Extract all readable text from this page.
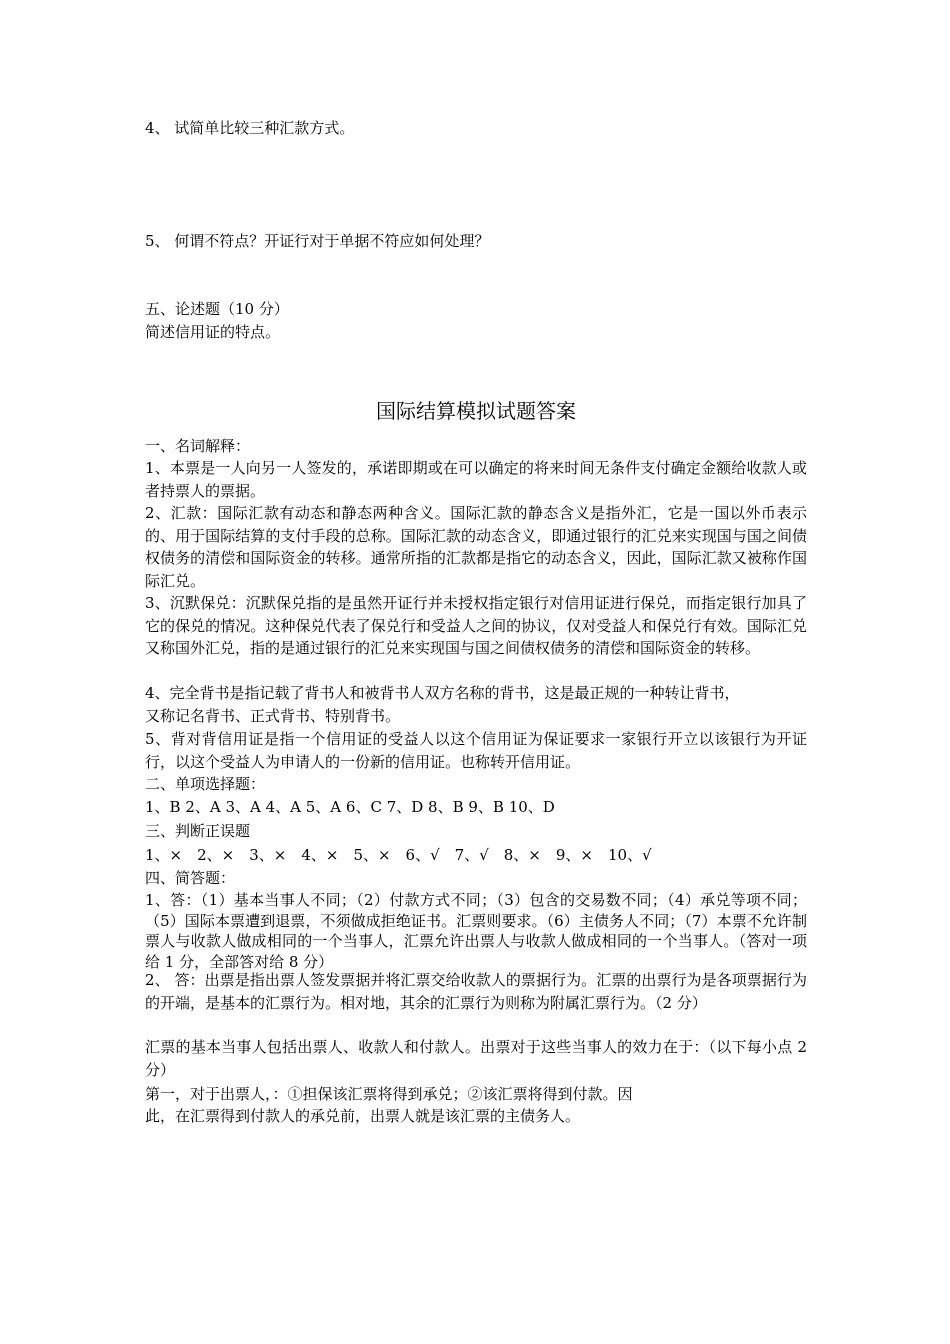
4、 试简单比较三种汇款方式。
5、 何谓不符点？开证行对于单据不符应如何处理？
五、论述题（10 分）
简述信用证的特点。
国际结算模拟试题答案
一、名词解释：
1、本票是一人向另一人签发的，承诺即期或在可以确定的将来时间无条件支付确定金额给收款人或者持票人的票据。
2、汇款：国际汇款有动态和静态两种含义。国际汇款的静态含义是指外汇，它是一国以外币表示的、用于国际结算的支付手段的总称。国际汇款的动态含义，即通过银行的汇兑来实现国与国之间债权债务的清偿和国际资金的转移。通常所指的汇款都是指它的动态含义，因此，国际汇款又被称作国际汇兑。
3、沉默保兑：沉默保兑指的是虽然开证行并未授权指定银行对信用证进行保兑，而指定银行加具了它的保兑的情况。这种保兑代表了保兑行和受益人之间的协议，仅对受益人和保兑行有效。国际汇兑又称国外汇兑，指的是通过银行的汇兑来实现国与国之间债权债务的清偿和国际资金的转移。
4、完全背书是指记载了背书人和被背书人双方名称的背书，这是最正规的一种转让背书，
又称记名背书、正式背书、特别背书。
5、背对背信用证是指一个信用证的受益人以这个信用证为保证要求一家银行开立以该银行为开证行，以这个受益人为申请人的一份新的信用证。也称转开信用证。
二、单项选择题：
1、B 2、A 3、A 4、A 5、A 6、C 7、D 8、B 9、B 10、D
三、判断正误题
1、×　2、×　3、×　4、×　5、×　6、√　7、√　8、×　9、×　10、√
四、简答题：
1、答：（1）基本当事人不同；（2）付款方式不同；（3）包含的交易数不同；（4）承兑等项不同；（5）国际本票遭到退票，不须做成拒绝证书。汇票则要求。（6）主债务人不同；（7）本票不允许制票人与收款人做成相同的一个当事人，汇票允许出票人与收款人做成相同的一个当事人。（答对一项给 1 分，全部答对给 8 分）
2、 答：出票是指出票人签发票据并将汇票交给收款人的票据行为。汇票的出票行为是各项票据行为的开端，是基本的汇票行为。相对地，其余的汇票行为则称为附属汇票行为。（2 分）
汇票的基本当事人包括出票人、收款人和付款人。出票对于这些当事人的效力在于：（以下每小点 2 分）
第一，对于出票人，：①担保该汇票将得到承兑；②该汇票将得到付款。因
此，在汇票得到付款人的承兑前，出票人就是该汇票的主债务人。
